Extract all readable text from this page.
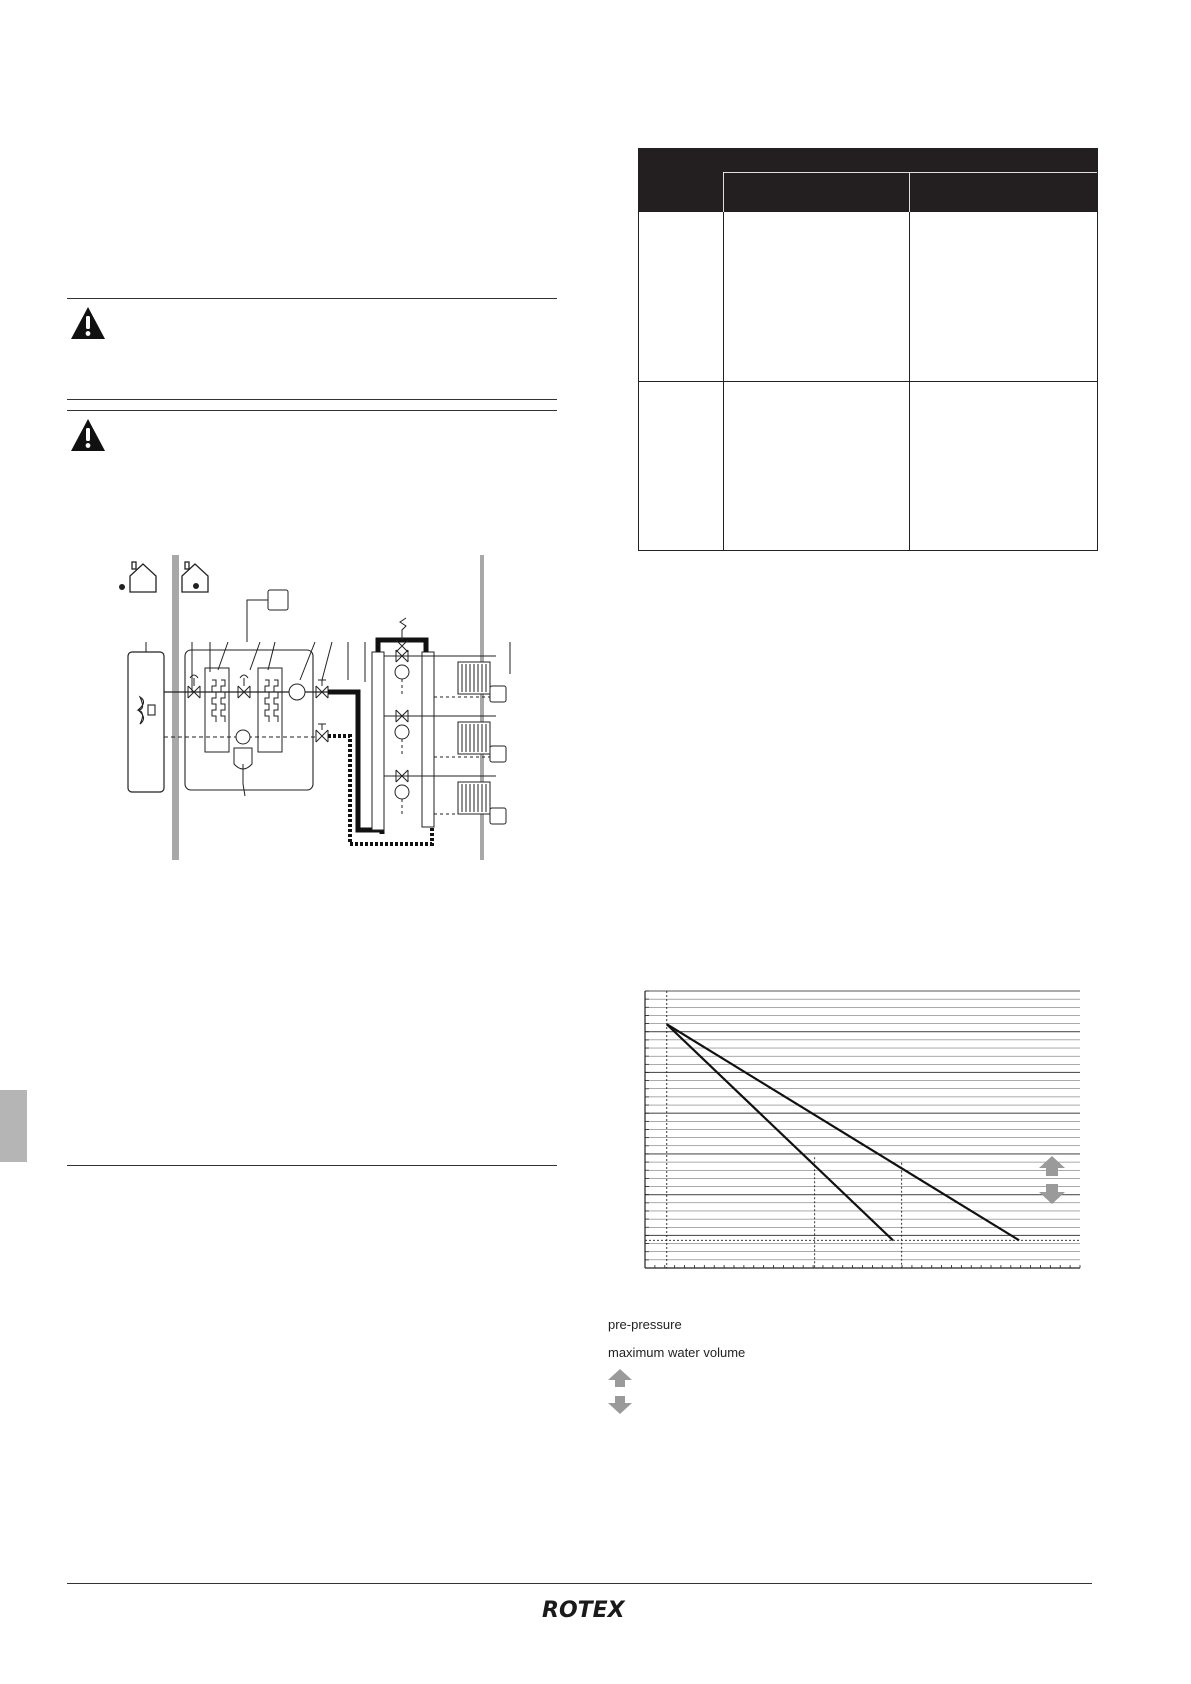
pre-pressure
maximum water volume
ROTEX
